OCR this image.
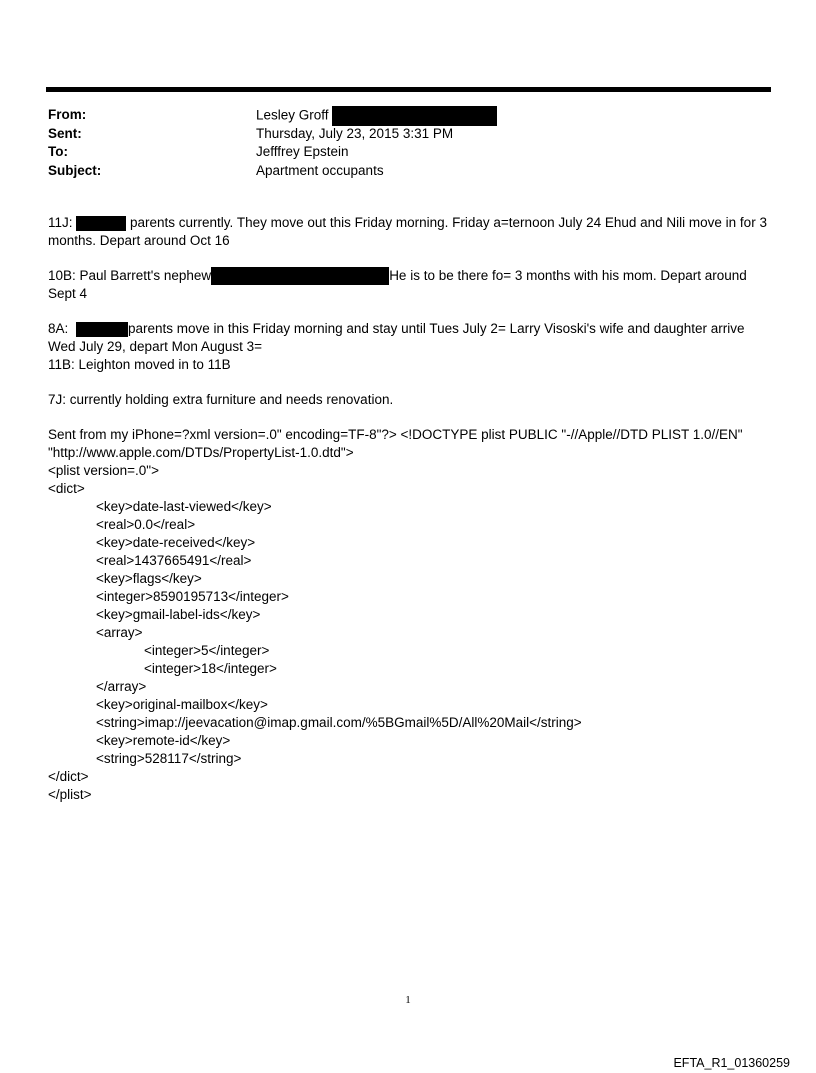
From:	Lesley Groff
Sent:	Thursday, July 23, 2015 3:31 PM
To:	Jefffrey Epstein
Subject:	Apartment occupants
11J:	parents currently. They move out this Friday morning. Friday a=ternoon July 24 Ehud and Nili move in for 3
months. Depart around Oct 16
10B: Paul Barrett's nephew	He is to be there fo= 3 months with his mom. Depart around
Sept 4
8A:	parents move in this Friday morning and stay until Tues July 2= Larry Visoski's wife and daughter arrive
Wed July 29, depart Mon August 3=
11B: Leighton moved in to 11B
7J: currently holding extra furniture and needs renovation.
Sent from my iPhone=?xml version=.0" encoding=TF-8"?> <!DOCTYPE plist PUBLIC "-//Apple//DTD PLIST 1.0//EN"
"http://www.apple.com/DTDs/PropertyList-1.0.dtd">
<plist version=.0">
<dict>
<key>date-last-viewed</key>
<real>0.0</real>
<key>date-received</key>
<real>1437665491</real>
<key>flags</key>
<integer>8590195713</integer>
<key>gmail-label-ids</key>
<array>
<integer>5</integer>
<integer>18</integer>
</array>
<key>original-mailbox</key>
<string>imap://jeevacation@imap.gmail.com/%5BGmail%5D/All%20Mail</string>
<key>remote-id</key>
<string>528117</string>
</dict>
</plist>
1
EFTA_R1_01360259
